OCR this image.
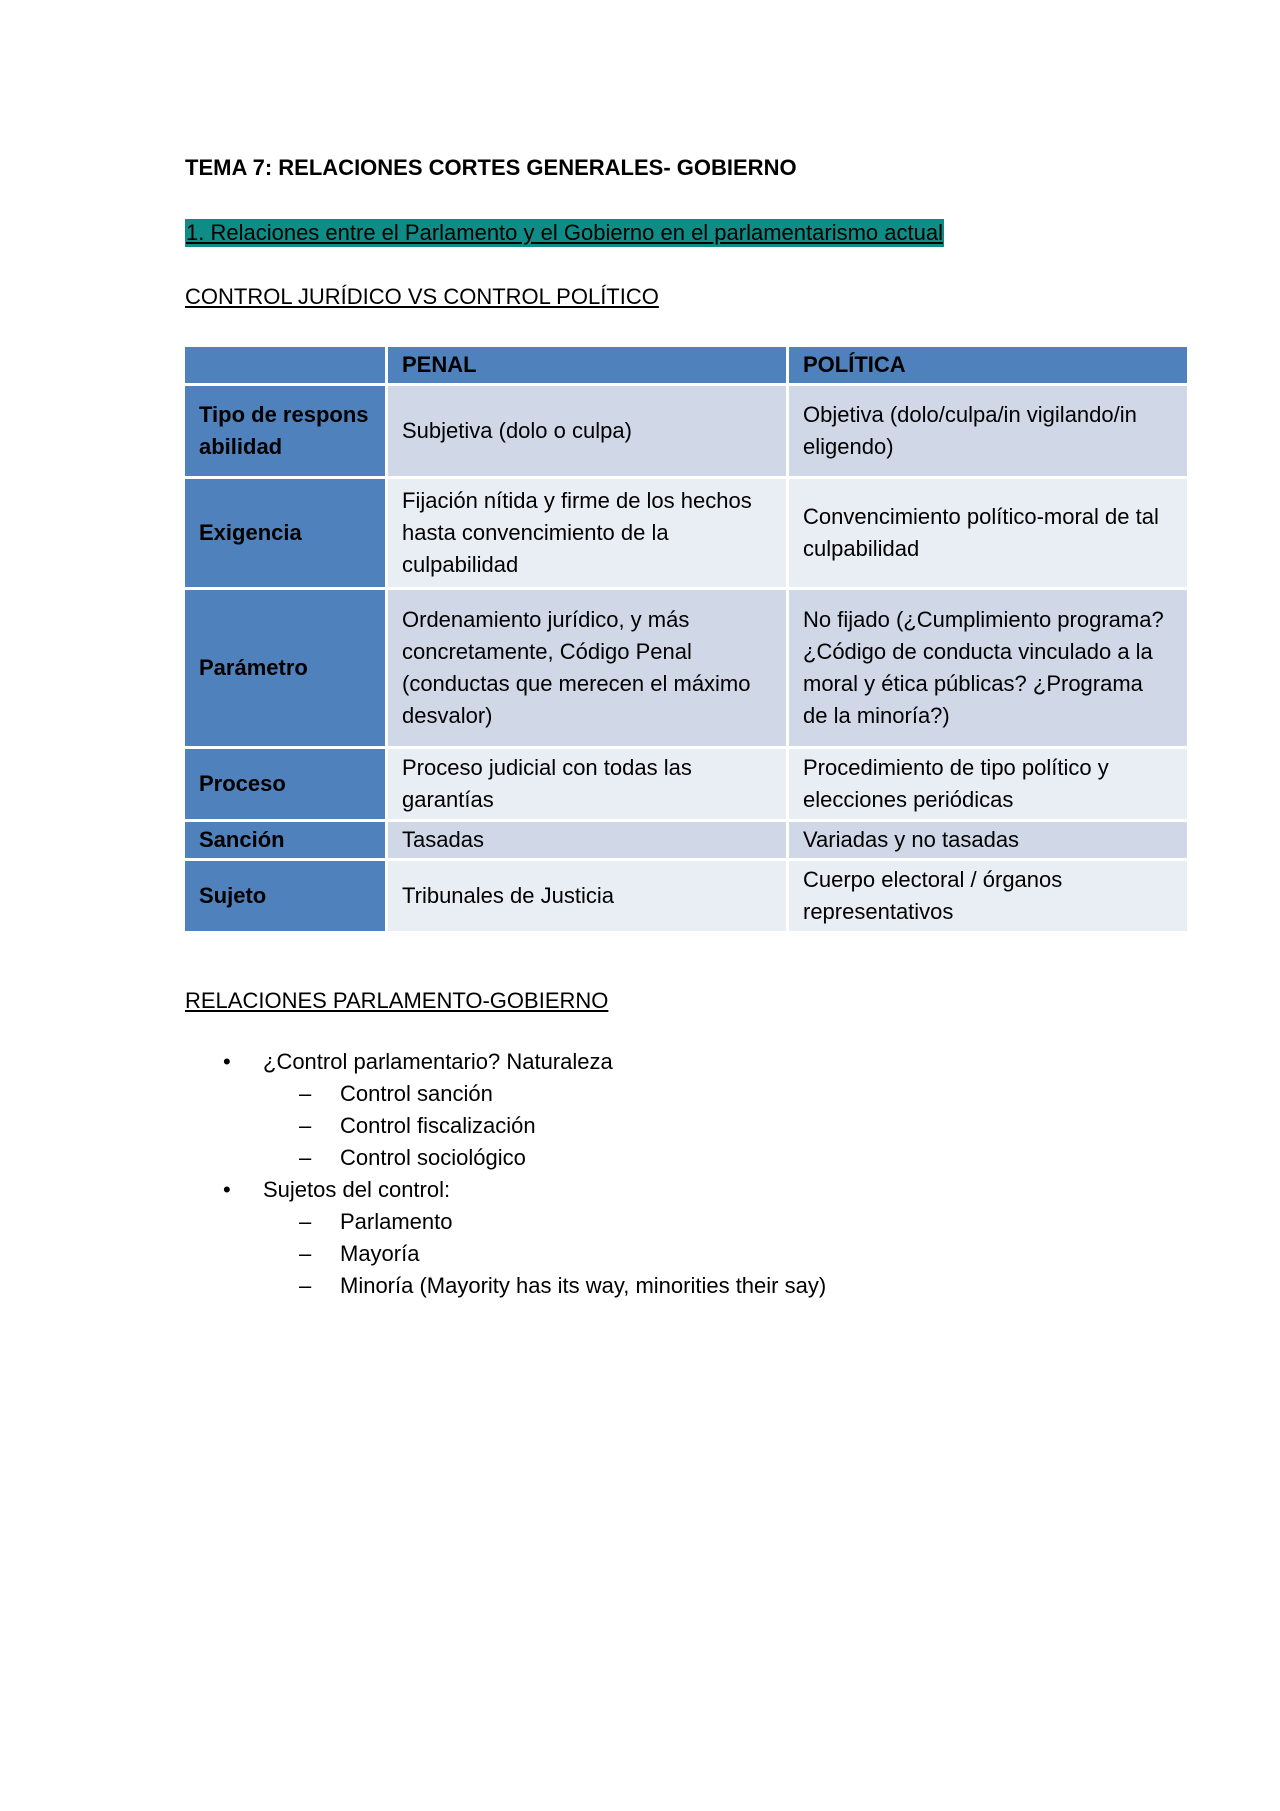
TEMA 7: RELACIONES CORTES GENERALES- GOBIERNO
1. Relaciones entre el Parlamento y el Gobierno en el parlamentarismo actual
CONTROL JURÍDICO VS CONTROL POLÍTICO
	PENAL	POLÍTICA
Tipo de responsabilidad	Subjetiva (dolo o culpa)	Objetiva (dolo/culpa/in vigilando/in eligendo)
Exigencia	Fijación nítida y firme de los hechos hasta convencimiento de la culpabilidad	Convencimiento político-moral de tal culpabilidad
Parámetro	Ordenamiento jurídico, y más concretamente, Código Penal (conductas que merecen el máximo desvalor)	No fijado (¿Cumplimiento programa? ¿Código de conducta vinculado a la moral y ética públicas? ¿Programa de la minoría?)
Proceso	Proceso judicial con todas las garantías	Procedimiento de tipo político y elecciones periódicas
Sanción	Tasadas	Variadas y no tasadas
Sujeto	Tribunales de Justicia	Cuerpo electoral / órganos representativos
RELACIONES PARLAMENTO-GOBIERNO
• ¿Control parlamentario? Naturaleza
– Control sanción
– Control fiscalización
– Control sociológico
• Sujetos del control:
– Parlamento
– Mayoría
– Minoría (Mayority has its way, minorities their say)
